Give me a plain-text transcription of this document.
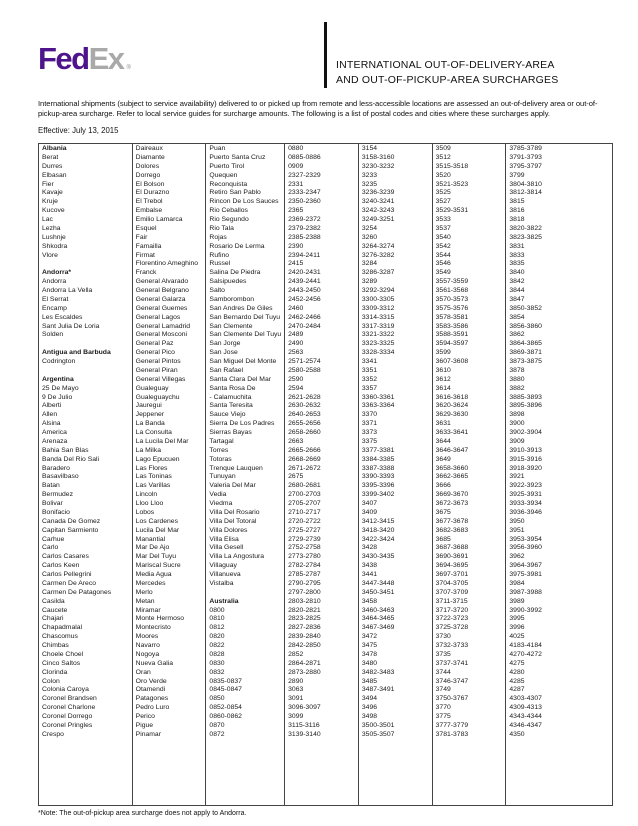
Fed Ex ®	INTERNATIONAL OUT-OF-DELIVERY-AREA
AND OUT-OF-PICKUP-AREA SURCHARGES
International shipments (subject to service availability) delivered to or picked up from remote and less-accessible locations are assessed an out-of-delivery area or out-of-pickup-area surcharge. Refer to local service guides for surcharge amounts. The following is a list of postal codes and cities where these surcharges apply.
Effective: July 13, 2015
Albania
Berat
Durres
Elbasan
Fier
Kavaje
Kruje
Kucove
Lac
Lezha
Lushnje
Shkodra
Vlore

Andorra*
Andorra
Andorra La Vella
El Serrat
Encamp
Les Escaldes
Sant Julia De Loria
Solden

Antigua and Barbuda
Codrington

Argentina
25 De Mayo
9 De Julio
Alberti
Allen
Alsina
America
Arenaza
Bahia San Blas
Banda Del Rio Sali
Baradero
Basavilbaso
Batan
Bermudez
Bolivar
Bonifacio
Canada De Gomez
Capitan Sarmiento
Carhue
Carlo
Carlos Casares
Carlos Keen
Carlos Pellegrini
Carmen De Areco
Carmen De Patagones
Casilda
Caucete
Chajari
Chapadmalal
Chascomus
Chimbas
Choele Choel
Cinco Saltos
Clorinda
Colon
Colonia Caroya
Coronel Brandsen
Coronel Charlone
Coronel Dorrego
Coronel Pringles
Crespo
Daireaux
Diamante
Dolores
Dorrego
El Bolson
El Durazno
El Trebol
Embalse
Emilio Lamarca
Esquel
Fair
Famailla
Firmat
Florentino Ameghino
Franck
General Alvarado
General Belgrano
General Galarza
General Guemes
General Lagos
General Lamadrid
General Mosconi
General Paz
General Pico
General Pintos
General Piran
General Villegas
Gualeguay
Gualeguaychu
Jauregui
Jeppener
La Banda
La Consulta
La Lucila Del Mar
La Milka
Lago Epucuen
Las Flores
Las Toninas
Las Varillas
Lincoln
Lloo Lloo
Lobos
Los Cardenes
Lucila Del Mar
Manantial
Mar De Ajo
Mar Del Tuyu
Mariscal Sucre
Media Agua
Mercedes
Merlo
Metan
Miramar
Monte Hermoso
Montecristo
Moores
Navarro
Nogoya
Nueva Galia
Oran
Oro Verde
Otamendi
Patagones
Pedro Luro
Perico
Pigue
Pinamar
Puan
Puerto Santa Cruz
Puerto Tirol
Quequen
Reconquista
Retiro San Pablo
Rincon De Los Sauces
Rio Ceballos
Rio Segundo
Rio Tala
Rojas
Rosario De Lerma
Rufino
Russel
Salina De Piedra
Salsipuedes
Salto
Samborombon
San Andres De Giles
San Bernardo Del Tuyu
San Clemente
San Clemente Del Tuyu
San Jorge
San Jose
San Miguel Del Monte
San Rafael
Santa Clara Del Mar
Santa Rosa De
- Calamuchita
Santa Teresita
Sauce Viejo
Sierra De Los Padres
Sierras Bayas
Tartagal
Torres
Totoras
Trenque Lauquen
Tunuyan
Valeria Del Mar
Vedia
Viedma
Villa Del Rosario
Villa Del Totoral
Villa Dolores
Villa Elisa
Villa Gesell
Villa La Angostura
Villaguay
Villanueva
Vistalba

Australia
0800
0810
0812
0820
0822
0828
0830
0832
0835-0837
0845-0847
0850
0852-0854
0860-0862
0870
0872
0880
0885-0886
0909
2327-2329
2331
2333-2347
2350-2360
2365
2369-2372
2379-2382
2385-2388
2390
2394-2411
2415
2420-2431
2439-2441
2443-2450
2452-2456
2460
2462-2466
2470-2484
2489
2490
2563
2571-2574
2580-2588
2590
2594
2621-2628
2630-2632
2640-2653
2655-2656
2658-2660
2663
2665-2666
2668-2669
2671-2672
2675
2680-2681
2700-2703
2705-2707
2710-2717
2720-2722
2725-2727
2729-2739
2752-2758
2773-2780
2782-2784
2785-2787
2790-2795
2797-2800
2803-2810
2820-2821
2823-2825
2827-2836
2839-2840
2842-2850
2852
2864-2871
2873-2880
2890
3063
3091
3096-3097
3099
3115-3116
3139-3140
3154
3158-3160
3230-3232
3233
3235
3236-3239
3240-3241
3242-3243
3249-3251
3254
3260
3264-3274
3276-3282
3284
3286-3287
3289
3292-3294
3300-3305
3309-3312
3314-3315
3317-3319
3321-3322
3323-3325
3328-3334
3341
3351
3352
3357
3360-3361
3363-3364
3370
3371
3373
3375
3377-3381
3384-3385
3387-3388
3390-3393
3395-3396
3399-3402
3407
3409
3412-3415
3418-3420
3422-3424
3428
3430-3435
3438
3441
3447-3448
3450-3451
3458
3460-3463
3464-3465
3467-3469
3472
3475
3478
3480
3482-3483
3485
3487-3491
3494
3496
3498
3500-3501
3505-3507
3509
3512
3515-3518
3520
3521-3523
3525
3527
3529-3531
3533
3537
3540
3542
3544
3546
3549
3557-3559
3561-3568
3570-3573
3575-3576
3578-3581
3583-3586
3588-3591
3594-3597
3599
3607-3608
3610
3612
3614
3616-3618
3620-3624
3629-3630
3631
3633-3641
3644
3646-3647
3649
3658-3660
3662-3665
3666
3669-3670
3672-3673
3675
3677-3678
3682-3683
3685
3687-3688
3690-3691
3694-3695
3697-3701
3704-3705
3707-3709
3711-3715
3717-3720
3722-3723
3725-3728
3730
3732-3733
3735
3737-3741
3744
3746-3747
3749
3750-3767
3770
3775
3777-3779
3781-3783
3785-3789
3791-3793
3795-3797
3799
3804-3810
3812-3814
3815
3816
3818
3820-3822
3823-3825
3831
3833
3835
3840
3842
3844
3847
3850-3852
3854
3856-3860
3862
3864-3865
3869-3871
3873-3875
3878
3880
3882
3885-3893
3895-3896
3898
3900
3902-3904
3909
3910-3913
3915-3916
3918-3920
3921
3922-3923
3925-3931
3933-3934
3936-3946
3950
3951
3953-3954
3956-3960
3962
3964-3967
3975-3981
3984
3987-3988
3989
3990-3992
3995
3996
4025
4183-4184
4270-4272
4275
4280
4285
4287
4303-4307
4309-4313
4343-4344
4346-4347
4350
*Note: The out-of-pickup area surcharge does not apply to Andorra.
